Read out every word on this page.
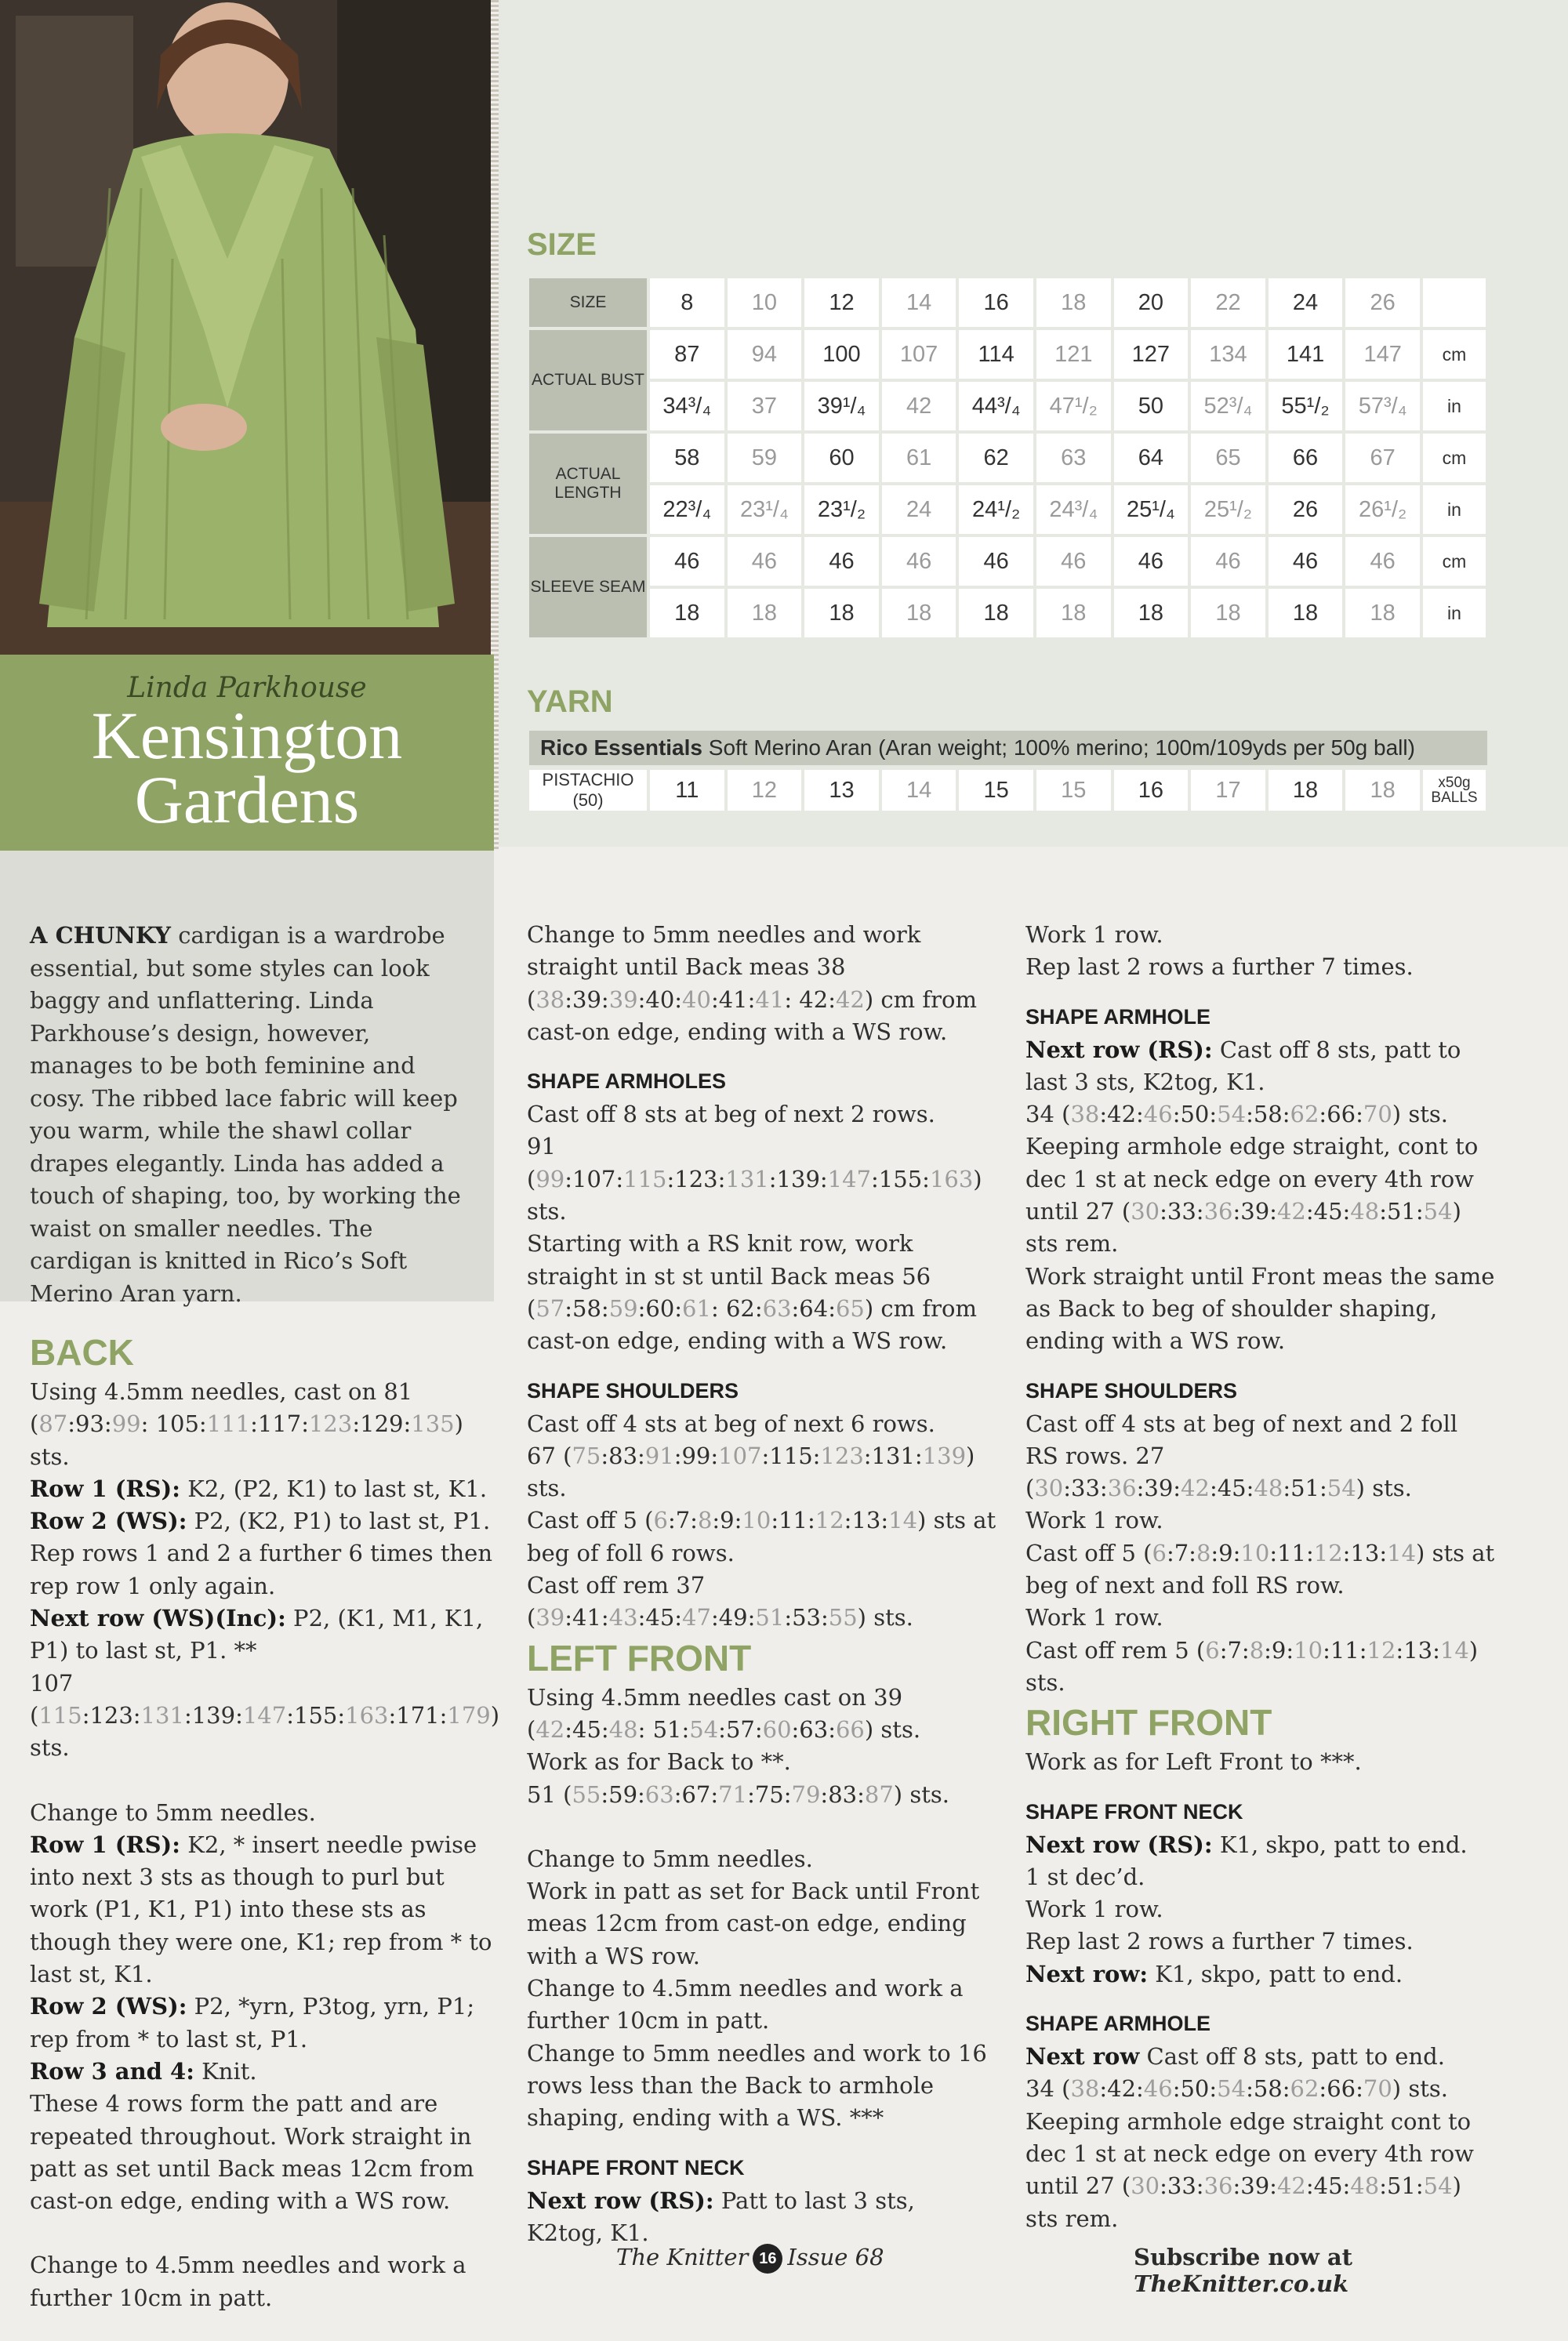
Linda Parkhouse
Kensington
Gardens
A CHUNKY cardigan is a wardrobe essential, but some styles can look baggy and unflattering. Linda Parkhouse’s design, however, manages to be both feminine and cosy. The ribbed lace fabric will keep you warm, while the shawl collar drapes elegantly. Linda has added a touch of shaping, too, by working the waist on smaller needles. The cardigan is knitted in Rico’s Soft Merino Aran yarn.
SIZE
SIZE	8	10	12	14	16	18	20	22	24	26	
ACTUAL BUST	87	94	100	107	114	121	127	134	141	147	cm
	34³/₄	37	39¹/₄	42	44³/₄	47¹/₂	50	52³/₄	55¹/₂	57³/₄	in
ACTUAL LENGTH	58	59	60	61	62	63	64	65	66	67	cm
	22³/₄	23¹/₄	23¹/₂	24	24¹/₂	24³/₄	25¹/₄	25¹/₂	26	26¹/₂	in
SLEEVE SEAM	46	46	46	46	46	46	46	46	46	46	cm
	18	18	18	18	18	18	18	18	18	18	in
YARN
Rico Essentials Soft Merino Aran (Aran weight; 100% merino; 100m/109yds per 50g ball)
PISTACHIO (50)	11	12	13	14	15	15	16	17	18	18	x50g
BALLS
BACK

Using 4.5mm needles, cast on 81 (87:93:99: 105:111:117:123:129:135) sts.

Row 1 (RS): K2, (P2, K1) to last st, K1.

Row 2 (WS): P2, (K2, P1) to last st, P1.

Rep rows 1 and 2 a further 6 times then rep row 1 only again.

Next row (WS)(Inc): P2, (K1, M1, K1, P1) to last st, P1. **

107 (115:123:131:139:147:155:163:171:179) sts.

Change to 5mm needles.

Row 1 (RS): K2, * insert needle pwise into next 3 sts as though to purl but work (P1, K1, P1) into these sts as though they were one, K1; rep from * to last st, K1.

Row 2 (WS): P2, *yrn, P3tog, yrn, P1; rep from * to last st, P1.

Row 3 and 4: Knit.

These 4 rows form the patt and are repeated throughout. Work straight in patt as set until Back meas 12cm from cast-on edge, ending with a WS row.

Change to 4.5mm needles and work a further 10cm in patt.

Change to 5mm needles and work straight until Back meas 38 (38:39:39:40:40:41:41: 42:42) cm from cast-on edge, ending with a WS row.

SHAPE ARMHOLES

Cast off 8 sts at beg of next 2 rows.

91 (99:107:115:123:131:139:147:155:163) sts.

Starting with a RS knit row, work straight in st st until Back meas 56 (57:58:59:60:61: 62:63:64:65) cm from cast-on edge, ending with a WS row.

SHAPE SHOULDERS

Cast off 4 sts at beg of next 6 rows.

67 (75:83:91:99:107:115:123:131:139) sts.

Cast off 5 (6:7:8:9:10:11:12:13:14) sts at beg of foll 6 rows.

Cast off rem 37 (39:41:43:45:47:49:51:53:55) sts.

LEFT FRONT

Using 4.5mm needles cast on 39 (42:45:48: 51:54:57:60:63:66) sts.

Work as for Back to **.

51 (55:59:63:67:71:75:79:83:87) sts.

Change to 5mm needles.

Work in patt as set for Back until Front meas 12cm from cast-on edge, ending with a WS row.

Change to 4.5mm needles and work a further 10cm in patt.

Change to 5mm needles and work to 16 rows less than the Back to armhole shaping, ending with a WS. ***

SHAPE FRONT NECK

Next row (RS): Patt to last 3 sts, K2tog, K1.

Work 1 row.

Rep last 2 rows a further 7 times.

SHAPE ARMHOLE

Next row (RS): Cast off 8 sts, patt to last 3 sts, K2tog, K1.

34 (38:42:46:50:54:58:62:66:70) sts.

Keeping armhole edge straight, cont to dec 1 st at neck edge on every 4th row until 27 (30:33:36:39:42:45:48:51:54) sts rem.

Work straight until Front meas the same as Back to beg of shoulder shaping, ending with a WS row.

SHAPE SHOULDERS

Cast off 4 sts at beg of next and 2 foll RS rows. 27 (30:33:36:39:42:45:48:51:54) sts.

Work 1 row.

Cast off 5 (6:7:8:9:10:11:12:13:14) sts at beg of next and foll RS row.

Work 1 row.

Cast off rem 5 (6:7:8:9:10:11:12:13:14) sts.

RIGHT FRONT

Work as for Left Front to ***.

SHAPE FRONT NECK

Next row (RS): K1, skpo, patt to end.

1 st dec’d.

Work 1 row.

Rep last 2 rows a further 7 times.

Next row: K1, skpo, patt to end.

SHAPE ARMHOLE

Next row Cast off 8 sts, patt to end.

34 (38:42:46:50:54:58:62:66:70) sts.

Keeping armhole edge straight cont to dec 1 st at neck edge on every 4th row until 27 (30:33:36:39:42:45:48:51:54) sts rem.

The Knitter 16 Issue 68	Subscribe now at TheKnitter.co.uk
